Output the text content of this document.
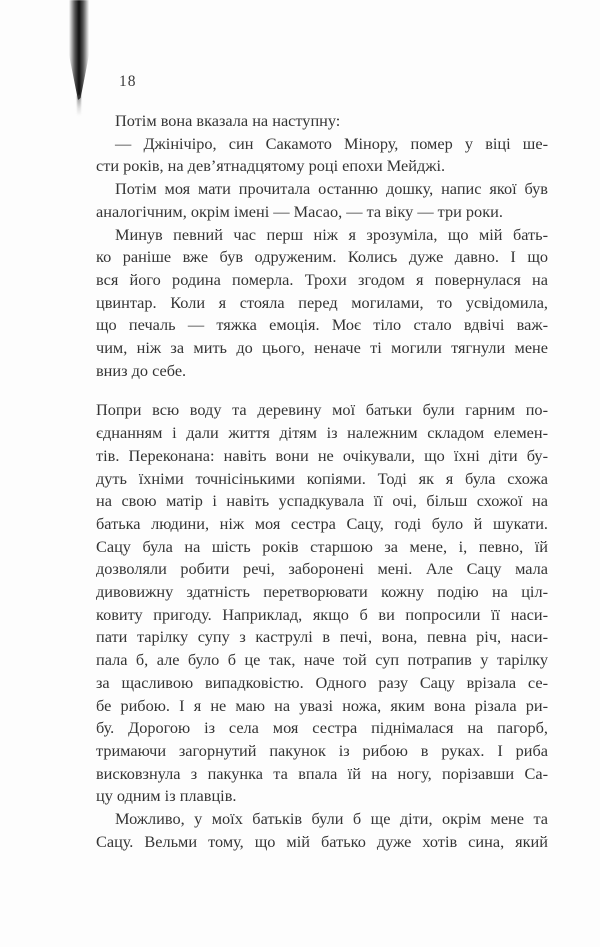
18
Потім вона вказала на наступну:
— Джінічіро, син Сакамото Мінору, помер у віці ше-
сти років, на дев’ятнадцятому році епохи Мейджі.
Потім моя мати прочитала останню дошку, напис якої був
аналогічним, окрім імені — Масао, — та віку — три роки.
Минув певний час перш ніж я зрозуміла, що мій бать-
ко раніше вже був одруженим. Колись дуже давно. І що
вся його родина померла. Трохи згодом я повернулася на
цвинтар. Коли я стояла перед могилами, то усвідомила,
що печаль — тяжка емоція. Моє тіло стало вдвічі важ-
чим, ніж за мить до цього, неначе ті могили тягнули мене
вниз до себе.
Попри всю воду та деревину мої батьки були гарним по-
єднанням і дали життя дітям із належним складом елемен-
тів. Переконана: навіть вони не очікували, що їхні діти бу-
дуть їхніми точнісінькими копіями. Тоді як я була схожа
на свою матір і навіть успадкувала її очі, більш схожої на
батька людини, ніж моя сестра Сацу, годі було й шукати.
Сацу була на шість років старшою за мене, і, певно, їй
дозволяли робити речі, заборонені мені. Але Сацу мала
дивовижну здатність перетворювати кожну подію на ціл-
ковиту пригоду. Наприклад, якщо б ви попросили її наси-
пати тарілку супу з каструлі в печі, вона, певна річ, наси-
пала б, але було б це так, наче той суп потрапив у тарілку
за щасливою випадковістю. Одного разу Сацу врізала се-
бе рибою. І я не маю на увазі ножа, яким вона різала ри-
бу. Дорогою із села моя сестра піднімалася на пагорб,
тримаючи загорнутий пакунок із рибою в руках. І риба
висковзнула з пакунка та впала їй на ногу, порізавши Са-
цу одним із плавців.
Можливо, у моїх батьків були б ще діти, окрім мене та
Сацу. Вельми тому, що мій батько дуже хотів сина, який
